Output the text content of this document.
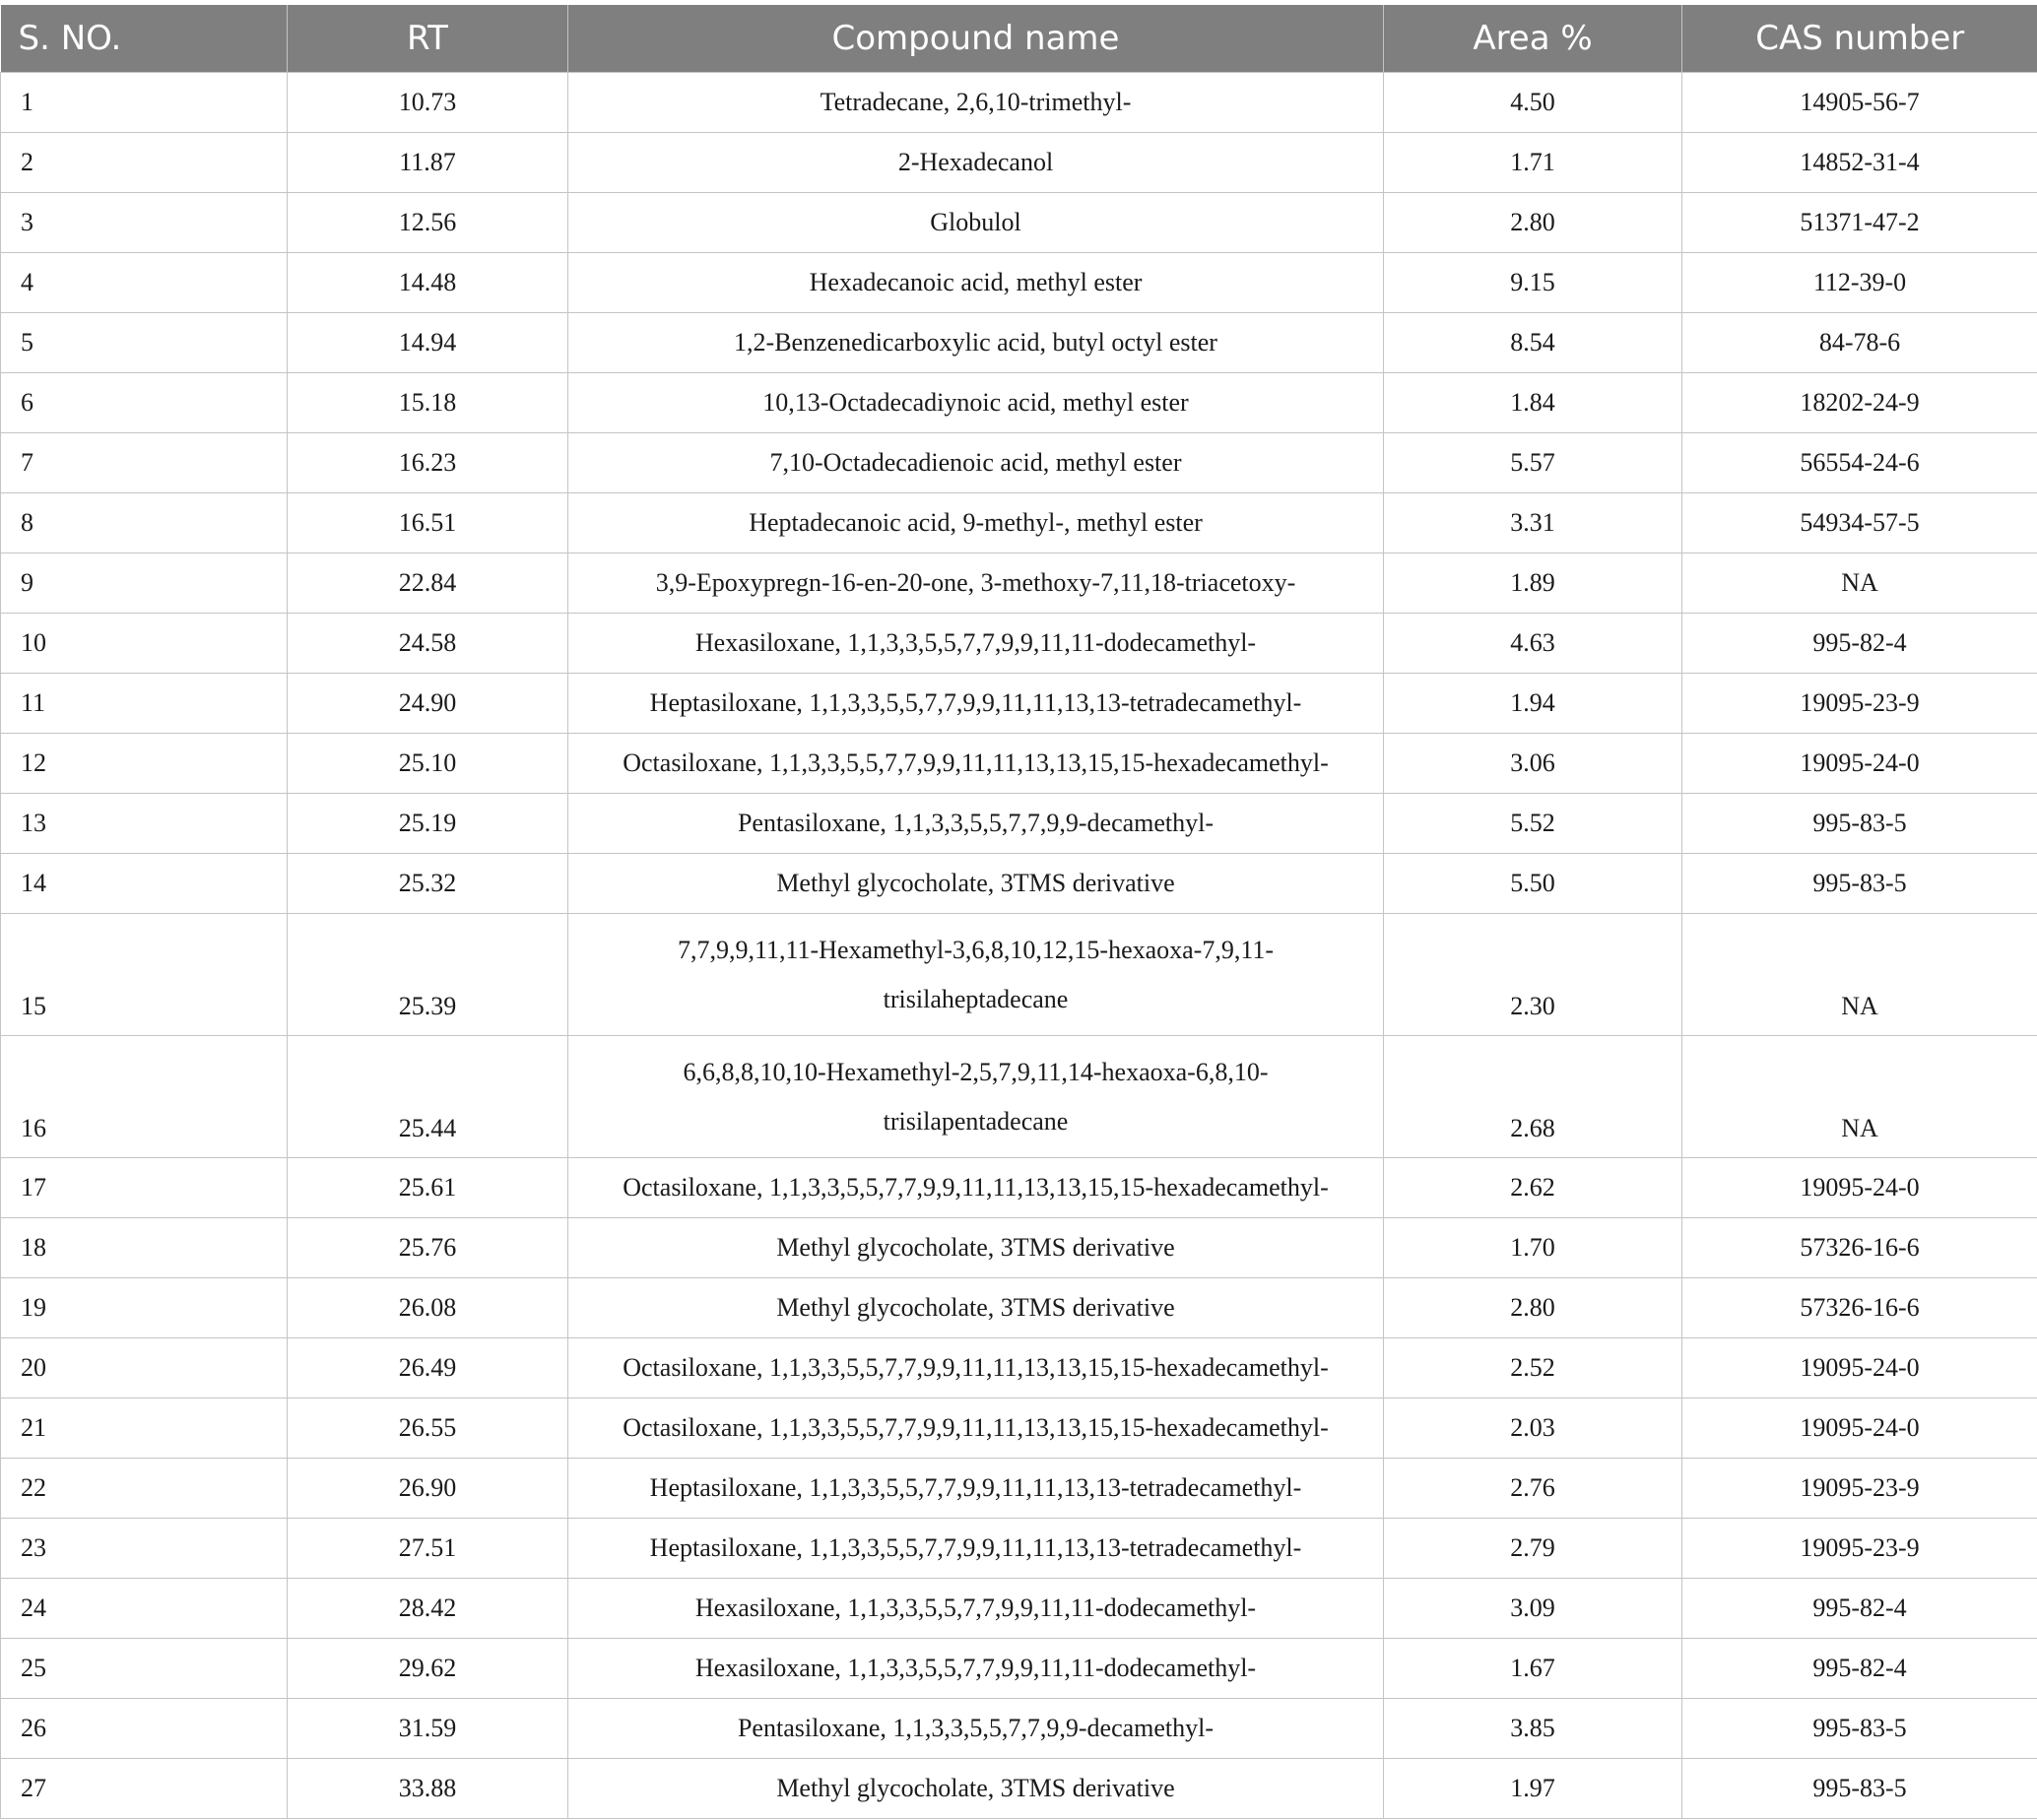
S. NO.	RT	Compound name	Area %	CAS number
1	10.73	Tetradecane, 2,6,10-trimethyl-	4.50	14905-56-7
2	11.87	2-Hexadecanol	1.71	14852-31-4
3	12.56	Globulol	2.80	51371-47-2
4	14.48	Hexadecanoic acid, methyl ester	9.15	112-39-0
5	14.94	1,2-Benzenedicarboxylic acid, butyl octyl ester	8.54	84-78-6
6	15.18	10,13-Octadecadiynoic acid, methyl ester	1.84	18202-24-9
7	16.23	7,10-Octadecadienoic acid, methyl ester	5.57	56554-24-6
8	16.51	Heptadecanoic acid, 9-methyl-, methyl ester	3.31	54934-57-5
9	22.84	3,9-Epoxypregn-16-en-20-one, 3-methoxy-7,11,18-triacetoxy-	1.89	NA
10	24.58	Hexasiloxane, 1,1,3,3,5,5,7,7,9,9,11,11-dodecamethyl-	4.63	995-82-4
11	24.90	Heptasiloxane, 1,1,3,3,5,5,7,7,9,9,11,11,13,13-tetradecamethyl-	1.94	19095-23-9
12	25.10	Octasiloxane, 1,1,3,3,5,5,7,7,9,9,11,11,13,13,15,15-hexadecamethyl-	3.06	19095-24-0
13	25.19	Pentasiloxane, 1,1,3,3,5,5,7,7,9,9-decamethyl-	5.52	995-83-5
14	25.32	Methyl glycocholate, 3TMS derivative	5.50	995-83-5
15	25.39	7,7,9,9,11,11-Hexamethyl-3,6,8,10,12,15-hexaoxa-7,9,11-
trisilaheptadecane	2.30	NA
16	25.44	6,6,8,8,10,10-Hexamethyl-2,5,7,9,11,14-hexaoxa-6,8,10-
trisilapentadecane	2.68	NA
17	25.61	Octasiloxane, 1,1,3,3,5,5,7,7,9,9,11,11,13,13,15,15-hexadecamethyl-	2.62	19095-24-0
18	25.76	Methyl glycocholate, 3TMS derivative	1.70	57326-16-6
19	26.08	Methyl glycocholate, 3TMS derivative	2.80	57326-16-6
20	26.49	Octasiloxane, 1,1,3,3,5,5,7,7,9,9,11,11,13,13,15,15-hexadecamethyl-	2.52	19095-24-0
21	26.55	Octasiloxane, 1,1,3,3,5,5,7,7,9,9,11,11,13,13,15,15-hexadecamethyl-	2.03	19095-24-0
22	26.90	Heptasiloxane, 1,1,3,3,5,5,7,7,9,9,11,11,13,13-tetradecamethyl-	2.76	19095-23-9
23	27.51	Heptasiloxane, 1,1,3,3,5,5,7,7,9,9,11,11,13,13-tetradecamethyl-	2.79	19095-23-9
24	28.42	Hexasiloxane, 1,1,3,3,5,5,7,7,9,9,11,11-dodecamethyl-	3.09	995-82-4
25	29.62	Hexasiloxane, 1,1,3,3,5,5,7,7,9,9,11,11-dodecamethyl-	1.67	995-82-4
26	31.59	Pentasiloxane, 1,1,3,3,5,5,7,7,9,9-decamethyl-	3.85	995-83-5
27	33.88	Methyl glycocholate, 3TMS derivative	1.97	995-83-5
